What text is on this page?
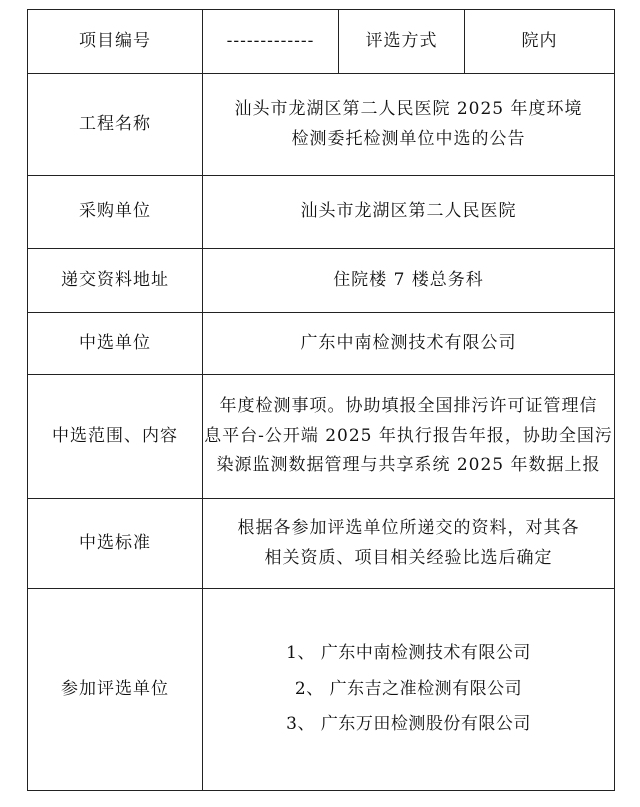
项目编号	-------------	评选方式	院内
工程名称	汕头市龙湖区第二人民医院 2025 年度环境
检测委托检测单位中选的公告		

采购单位	汕头市龙湖区第二人民医院		
递交资料地址	住院楼 7 楼总务科		
中选单位	广东中南检测技术有限公司		
中选范围、内容	年度检测事项。协助填报全国排污许可证管理信
息平台-公开端 2025 年执行报告年报，协助全国污
染源监测数据管理与共享系统 2025 年数据上报		

中选标准	根据各参加评选单位所递交的资料，对其各
相关资质、项目相关经验比选后确定		

参加评选单位	1、 广东中南检测技术有限公司
2、 广东吉之准检测有限公司
3、 广东万田检测股份有限公司		
